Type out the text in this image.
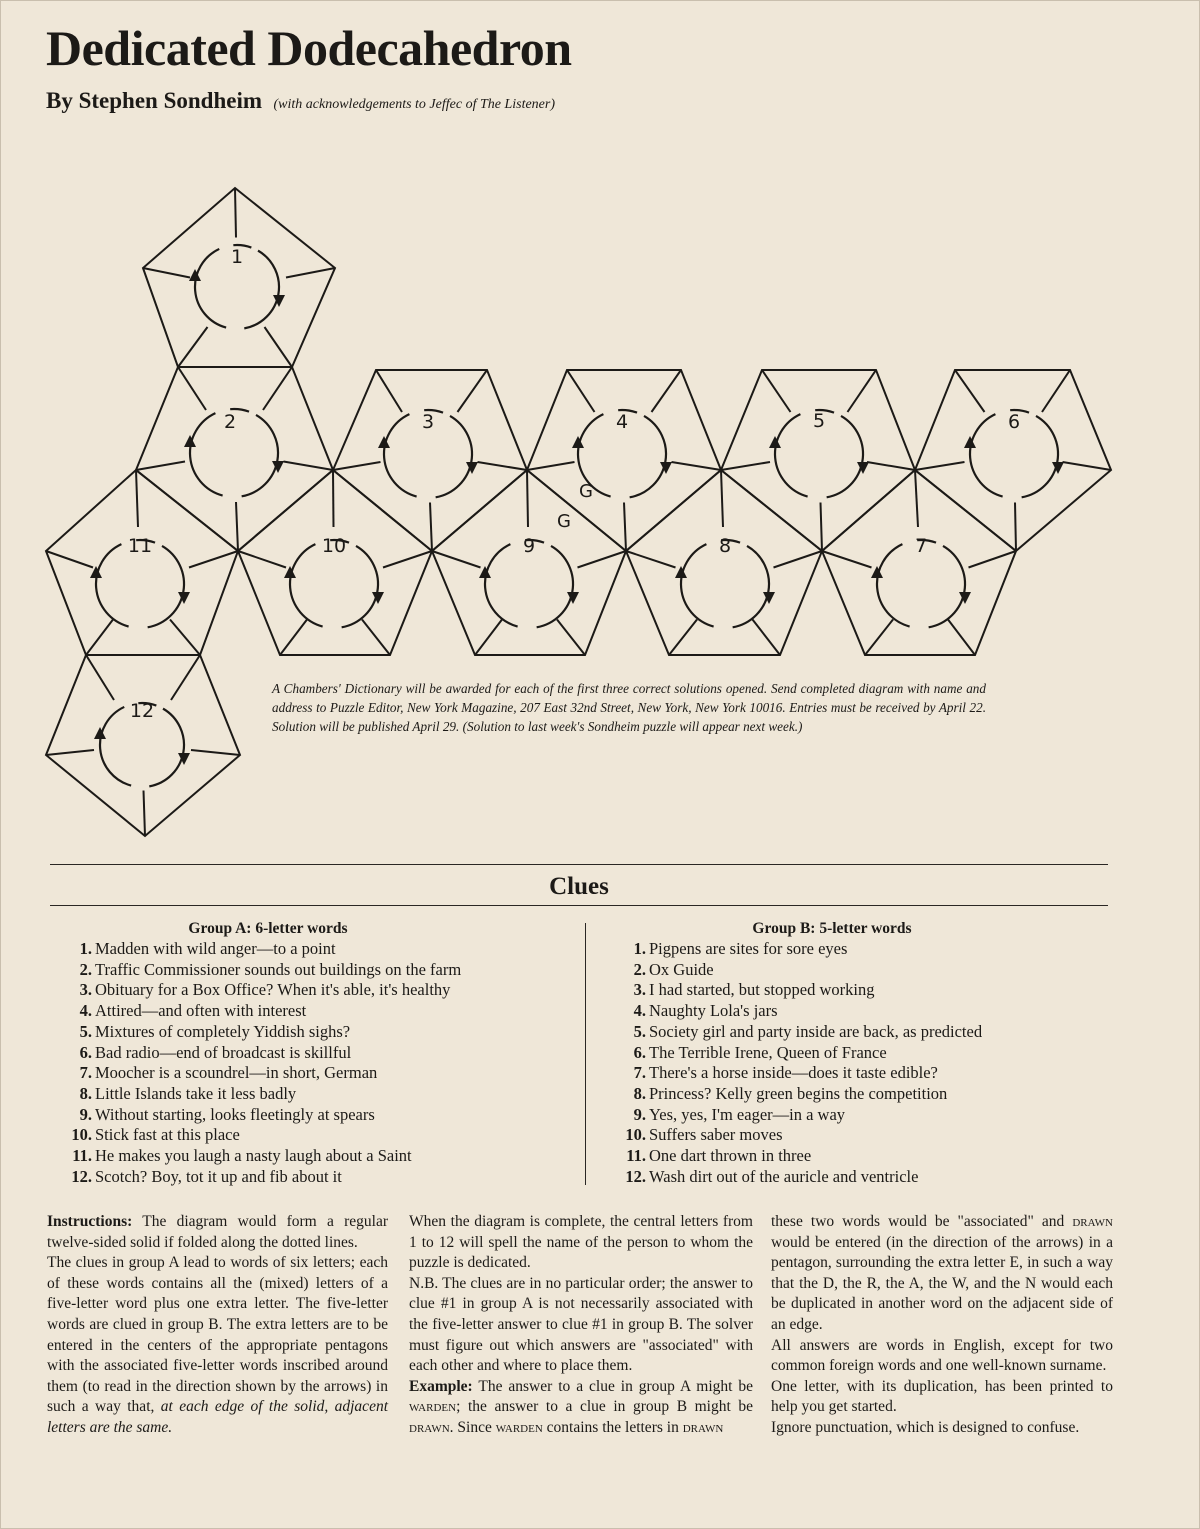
Dedicated Dodecahedron
By Stephen Sondheim (with acknowledgements to Jeffec of The Listener)
1
2	3	4	5	6
7
8
9
10
11
12
G
G

A Chambers' Dictionary will be awarded for each of the first three correct solutions opened. Send completed diagram with name and address to Puzzle Editor, New York Magazine, 207 East 32nd Street, New York, New York 10016. Entries must be received by April 22. Solution will be published April 29. (Solution to last week's Sondheim puzzle will appear next week.)

Clues

Group A: 6-letter words

1. Madden with wild anger—to a point
2. Traffic Commissioner sounds out buildings on the farm
3. Obituary for a Box Office? When it's able, it's healthy
4. Attired—and often with interest
5. Mixtures of completely Yiddish sighs?
6. Bad radio—end of broadcast is skillful
7. Moocher is a scoundrel—in short, German
8. Little Islands take it less badly
9. Without starting, looks fleetingly at spears
10. Stick fast at this place
11. He makes you laugh a nasty laugh about a Saint
12. Scotch? Boy, tot it up and fib about it

Group B: 5-letter words

1. Pigpens are sites for sore eyes
2. Ox Guide
3. I had started, but stopped working
4. Naughty Lola's jars
5. Society girl and party inside are back, as predicted
6. The Terrible Irene, Queen of France
7. There's a horse inside—does it taste edible?
8. Princess? Kelly green begins the competition
9. Yes, yes, I'm eager—in a way
10. Suffers saber moves
11. One dart thrown in three
12. Wash dirt out of the auricle and ventricle

Instructions: The diagram would form a regular twelve-sided solid if folded along the dotted lines.

The clues in group A lead to words of six letters; each of these words contains all the (mixed) letters of a five-letter word plus one extra letter. The five-letter words are clued in group B. The extra letters are to be entered in the centers of the appropriate pentagons with the associated five-letter words inscribed around them (to read in the direction shown by the arrows) in such a way that, at each edge of the solid, adjacent letters are the same.

When the diagram is complete, the central letters from 1 to 12 will spell the name of the person to whom the puzzle is dedicated.

N.B. The clues are in no particular order; the answer to clue #1 in group A is not necessarily associated with the five-letter answer to clue #1 in group B. The solver must figure out which answers are "associated" with each other and where to place them.

Example: The answer to a clue in group A might be warden; the answer to a clue in group B might be drawn. Since warden contains the letters in drawn

these two words would be "associated" and drawn would be entered (in the direction of the arrows) in a pentagon, surrounding the extra letter E, in such a way that the D, the R, the A, the W, and the N would each be duplicated in another word on the adjacent side of an edge.

All answers are words in English, except for two common foreign words and one well-known surname.

One letter, with its duplication, has been printed to help you get started.

Ignore punctuation, which is designed to confuse.
